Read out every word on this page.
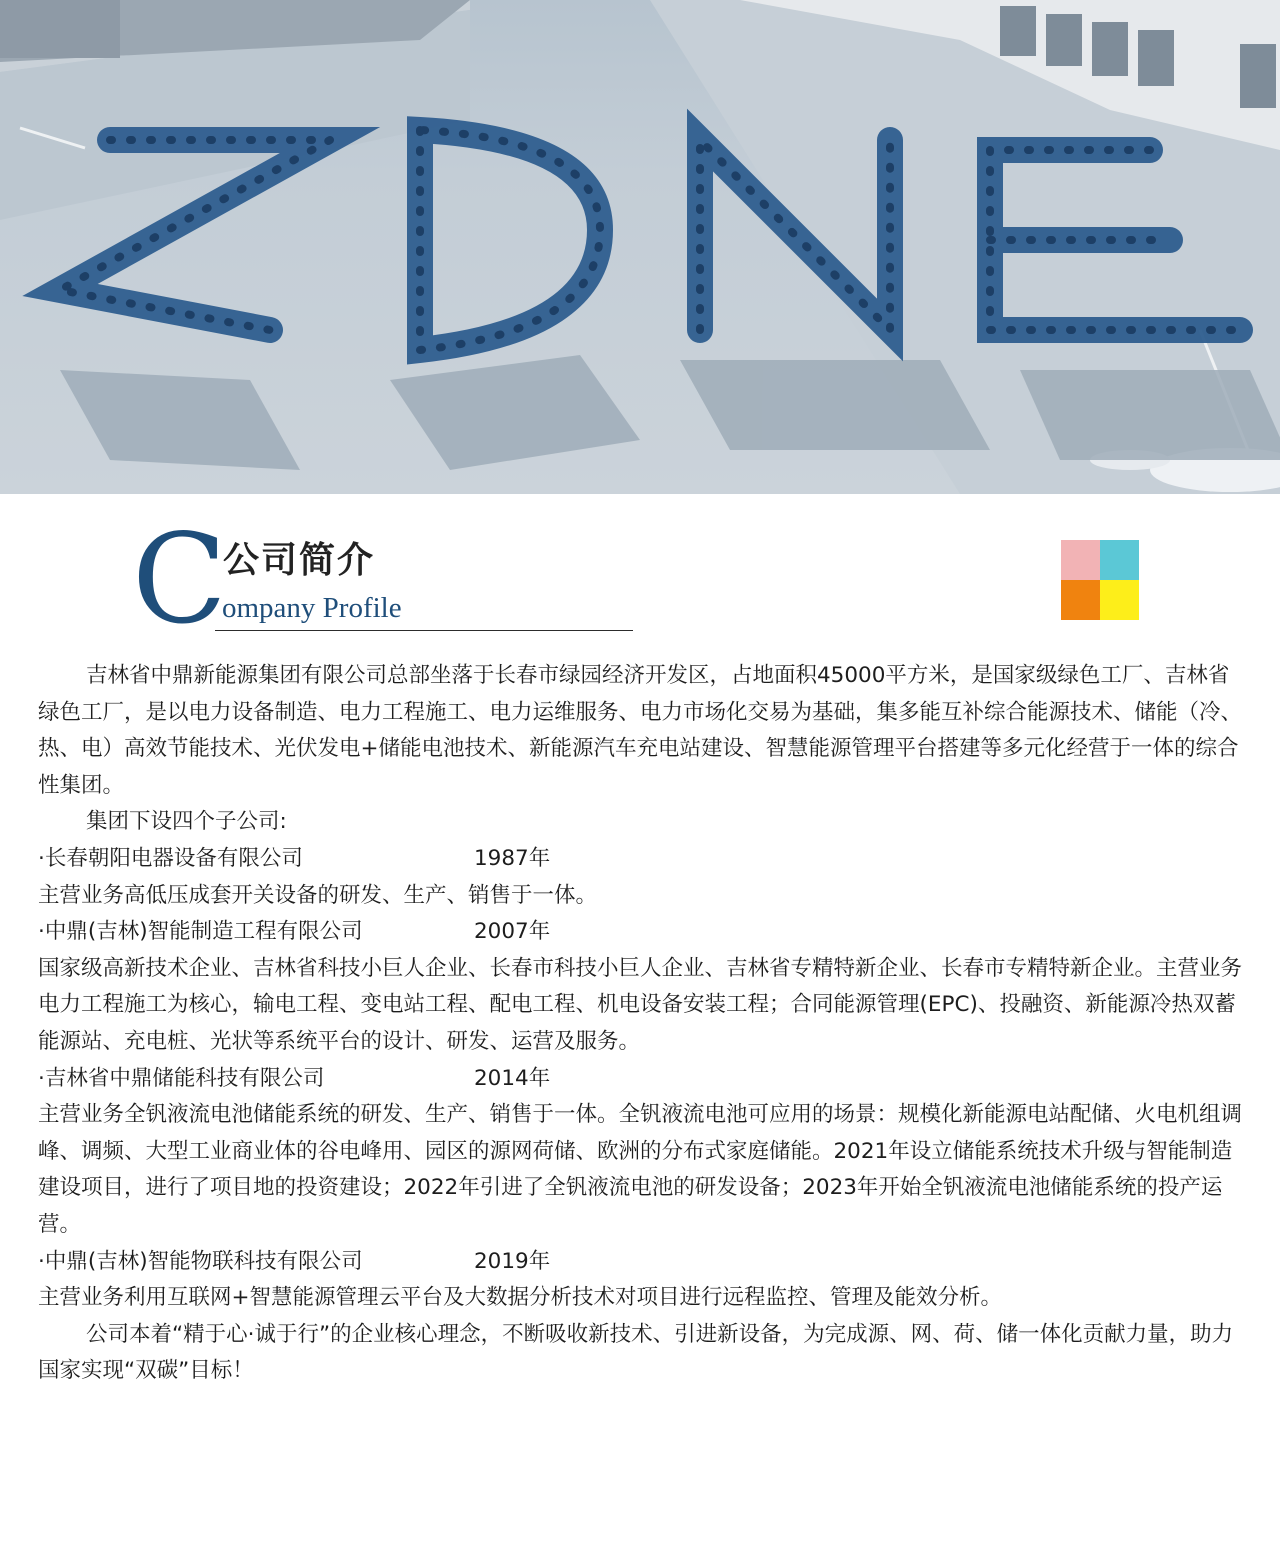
C
公司简介
ompany Profile

吉林省中鼎新能源集团有限公司总部坐落于长春市绿园经济开发区，占地面积45000平方米，是国家级绿色工厂、吉林省绿色工厂，是以电力设备制造、电力工程施工、电力运维服务、电力市场化交易为基础，集多能互补综合能源技术、储能（冷、热、电）高效节能技术、光伏发电+储能电池技术、新能源汽车充电站建设、智慧能源管理平台搭建等多元化经营于一体的综合性集团。

集团下设四个子公司:

·长春朝阳电器设备有限公司	1987年

主营业务高低压成套开关设备的研发、生产、销售于一体。

·中鼎(吉林)智能制造工程有限公司	2007年

国家级高新技术企业、吉林省科技小巨人企业、长春市科技小巨人企业、吉林省专精特新企业、长春市专精特新企业。主营业务电力工程施工为核心，输电工程、变电站工程、配电工程、机电设备安装工程；合同能源管理(EPC)、投融资、新能源冷热双蓄能源站、充电桩、光状等系统平台的设计、研发、运营及服务。

·吉林省中鼎储能科技有限公司	2014年

主营业务全钒液流电池储能系统的研发、生产、销售于一体。全钒液流电池可应用的场景：规模化新能源电站配储、火电机组调峰、调频、大型工业商业体的谷电峰用、园区的源网荷储、欧洲的分布式家庭储能。2021年设立储能系统技术升级与智能制造建设项目，进行了项目地的投资建设；2022年引进了全钒液流电池的研发设备；2023年开始全钒液流电池储能系统的投产运营。

·中鼎(吉林)智能物联科技有限公司	2019年

主营业务利用互联网+智慧能源管理云平台及大数据分析技术对项目进行远程监控、管理及能效分析。

公司本着“精于心·诚于行”的企业核心理念，不断吸收新技术、引进新设备，为完成源、网、荷、储一体化贡献力量，助力国家实现“双碳”目标！
